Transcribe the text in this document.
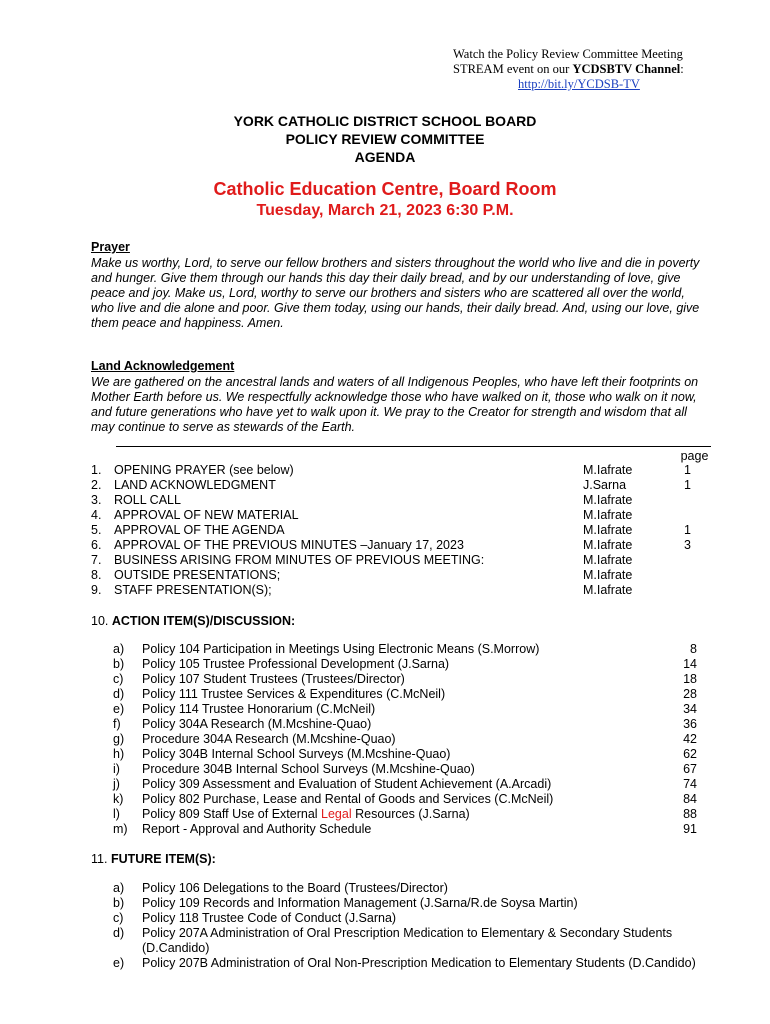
Watch the Policy Review Committee Meeting
STREAM event on our YCDSBTV Channel:
http://bit.ly/YCDSB-TV
YORK CATHOLIC DISTRICT SCHOOL BOARD
POLICY REVIEW COMMITTEE
AGENDA
Catholic Education Centre, Board Room
Tuesday, March 21, 2023 6:30 P.M.
Prayer
Make us worthy, Lord, to serve our fellow brothers and sisters throughout the world who live and die in poverty
and hunger. Give them through our hands this day their daily bread, and by our understanding of love, give
peace and joy. Make us, Lord, worthy to serve our brothers and sisters who are scattered all over the world,
who live and die alone and poor. Give them today, using our hands, their daily bread. And, using our love, give
them peace and happiness. Amen.
Land Acknowledgement
We are gathered on the ancestral lands and waters of all Indigenous Peoples, who have left their footprints on
Mother Earth before us. We respectfully acknowledge those who have walked on it, those who walk on it now,
and future generations who have yet to walk upon it. We pray to the Creator for strength and wisdom that all
may continue to serve as stewards of the Earth.
page
1. OPENING PRAYER (see below)	M.Iafrate	1
2. LAND ACKNOWLEDGMENT	J.Sarna	1
3. ROLL CALL	M.Iafrate
4. APPROVAL OF NEW MATERIAL	M.Iafrate
5. APPROVAL OF THE AGENDA	M.Iafrate	1
6. APPROVAL OF THE PREVIOUS MINUTES –January 17, 2023	M.Iafrate	3
7. BUSINESS ARISING FROM MINUTES OF PREVIOUS MEETING:	M.Iafrate
8. OUTSIDE PRESENTATIONS;	M.Iafrate
9. STAFF PRESENTATION(S);	M.Iafrate
10. ACTION ITEM(S)/DISCUSSION:
a) Policy 104 Participation in Meetings Using Electronic Means (S.Morrow)	8
b) Policy 105 Trustee Professional Development (J.Sarna)	14
c) Policy 107 Student Trustees (Trustees/Director)	18
d) Policy 111 Trustee Services & Expenditures (C.McNeil)	28
e) Policy 114 Trustee Honorarium (C.McNeil)	34
f) Policy 304A Research (M.Mcshine-Quao)	36
g) Procedure 304A Research (M.Mcshine-Quao)	42
h) Policy 304B Internal School Surveys (M.Mcshine-Quao)	62
i) Procedure 304B Internal School Surveys (M.Mcshine-Quao)	67
j) Policy 309 Assessment and Evaluation of Student Achievement (A.Arcadi)	74
k) Policy 802 Purchase, Lease and Rental of Goods and Services (C.McNeil)	84
l) Policy 809 Staff Use of External Legal Resources (J.Sarna)	88
m) Report - Approval and Authority Schedule	91
11. FUTURE ITEM(S):
a) Policy 106 Delegations to the Board (Trustees/Director)
b) Policy 109 Records and Information Management (J.Sarna/R.de Soysa Martin)
c) Policy 118 Trustee Code of Conduct (J.Sarna)
d) Policy 207A Administration of Oral Prescription Medication to Elementary & Secondary Students
(D.Candido)
e) Policy 207B Administration of Oral Non-Prescription Medication to Elementary Students (D.Candido)
